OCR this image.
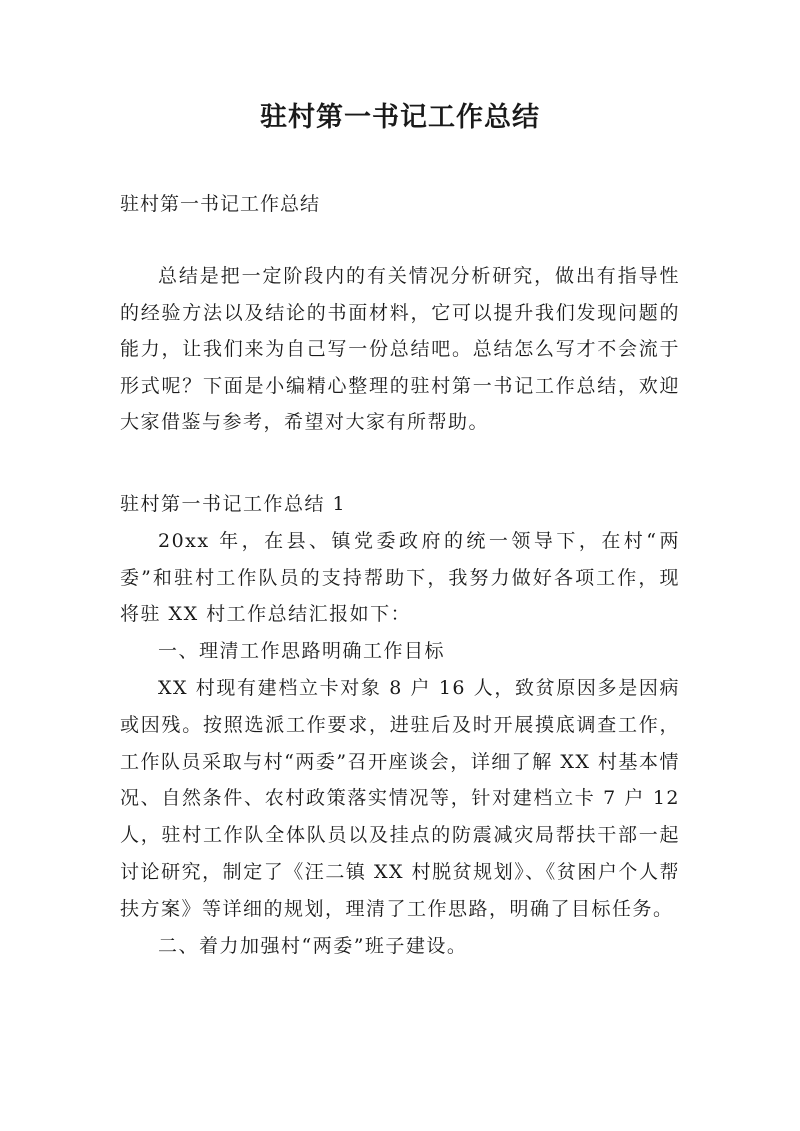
驻村第一书记工作总结
驻村第一书记工作总结

总结是把一定阶段内的有关情况分析研究，做出有指导性的经验方法以及结论的书面材料，它可以提升我们发现问题的能力，让我们来为自己写一份总结吧。总结怎么写才不会流于形式呢？下面是小编精心整理的驻村第一书记工作总结，欢迎大家借鉴与参考，希望对大家有所帮助。

驻村第一书记工作总结 1

20xx 年，在县、镇党委政府的统一领导下，在村“两委”和驻村工作队员的支持帮助下，我努力做好各项工作，现将驻 XX 村工作总结汇报如下：

一、理清工作思路明确工作目标

XX 村现有建档立卡对象 8 户 16 人，致贫原因多是因病或因残。按照选派工作要求，进驻后及时开展摸底调查工作，工作队员采取与村“两委”召开座谈会，详细了解 XX 村基本情况、自然条件、农村政策落实情况等，针对建档立卡 7 户 12 人，驻村工作队全体队员以及挂点的防震减灾局帮扶干部一起讨论研究，制定了《汪二镇 XX 村脱贫规划》、《贫困户个人帮扶方案》等详细的规划，理清了工作思路，明确了目标任务。

二、着力加强村“两委”班子建设。
